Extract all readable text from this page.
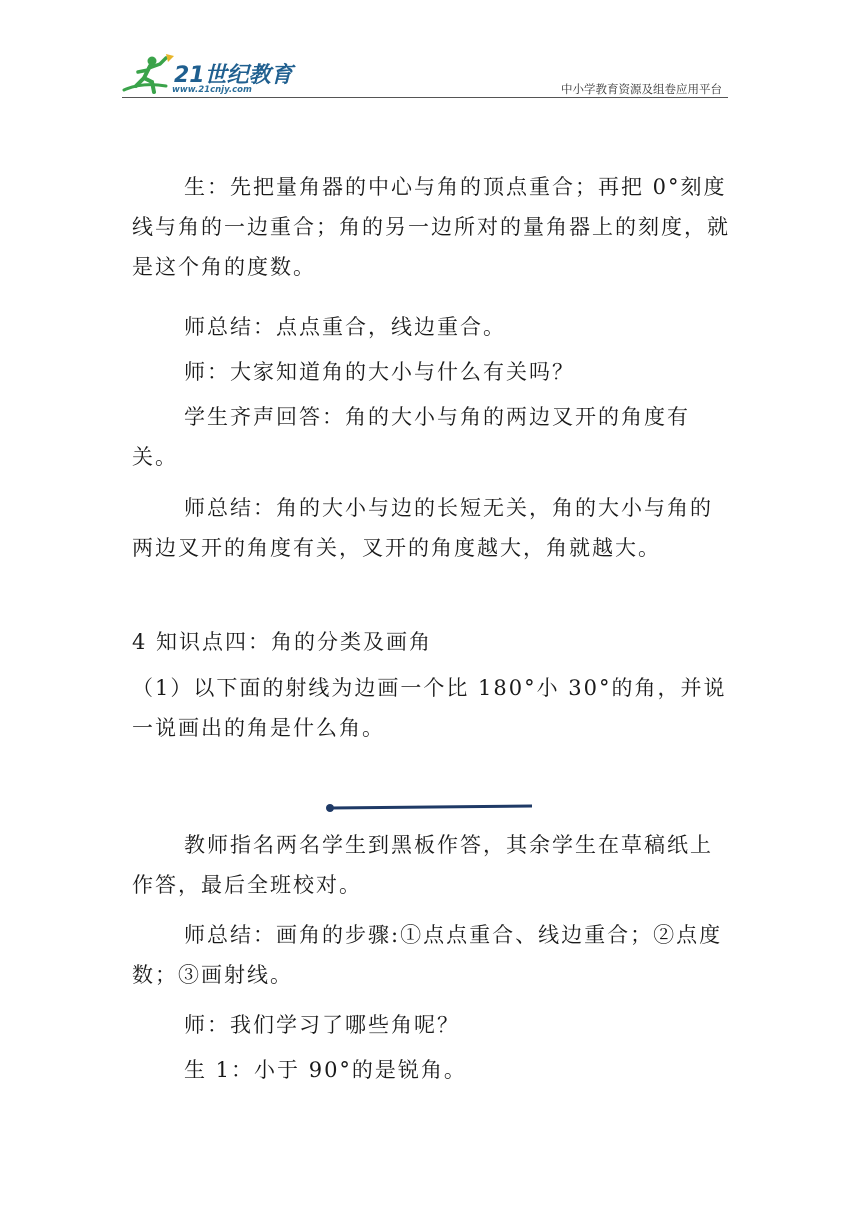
21世纪教育
www.21cnjy.com	中小学教育资源及组卷应用平台

生：先把量角器的中心与角的顶点重合；再把 0°刻度线与角的一边重合；角的另一边所对的量角器上的刻度，就是这个角的度数。

师总结：点点重合，线边重合。

师：大家知道角的大小与什么有关吗？

学生齐声回答：角的大小与角的两边叉开的角度有关。

师总结：角的大小与边的长短无关，角的大小与角的两边叉开的角度有关，叉开的角度越大，角就越大。

4 知识点四：角的分类及画角

（1）以下面的射线为边画一个比 180°小 30°的角，并说一说画出的角是什么角。

教师指名两名学生到黑板作答，其余学生在草稿纸上作答，最后全班校对。

师总结：画角的步骤:①点点重合、线边重合；②点度数；③画射线。

师：我们学习了哪些角呢？

生 1：小于 90°的是锐角。
